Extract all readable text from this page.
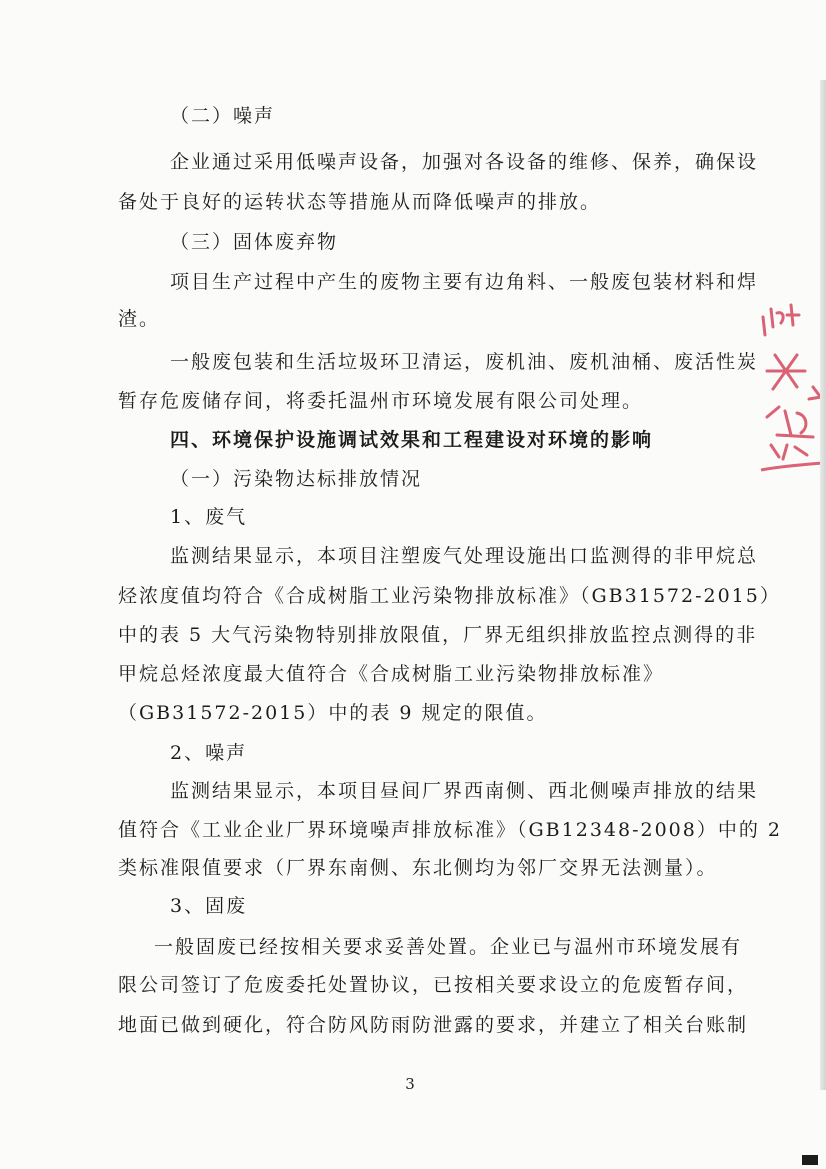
（二）噪声
企业通过采用低噪声设备，加强对各设备的维修、保养，确保设
备处于良好的运转状态等措施从而降低噪声的排放。
（三）固体废弃物
项目生产过程中产生的废物主要有边角料、一般废包装材料和焊
渣。
一般废包装和生活垃圾环卫清运，废机油、废机油桶、废活性炭
暂存危废储存间，将委托温州市环境发展有限公司处理。
四、环境保护设施调试效果和工程建设对环境的影响
（一）污染物达标排放情况
1、废气
监测结果显示，本项目注塑废气处理设施出口监测得的非甲烷总
烃浓度值均符合《合成树脂工业污染物排放标准》（GB31572-2015）
中的表 5 大气污染物特别排放限值，厂界无组织排放监控点测得的非
甲烷总烃浓度最大值符合《合成树脂工业污染物排放标准》
（GB31572-2015）中的表 9 规定的限值。
2、噪声
监测结果显示，本项目昼间厂界西南侧、西北侧噪声排放的结果
值符合《工业企业厂界环境噪声排放标准》（GB12348-2008）中的 2
类标准限值要求（厂界东南侧、东北侧均为邻厂交界无法测量）。
3、固废
一般固废已经按相关要求妥善处置。企业已与温州市环境发展有
限公司签订了危废委托处置协议，已按相关要求设立的危废暂存间，
地面已做到硬化，符合防风防雨防泄露的要求，并建立了相关台账制
3
